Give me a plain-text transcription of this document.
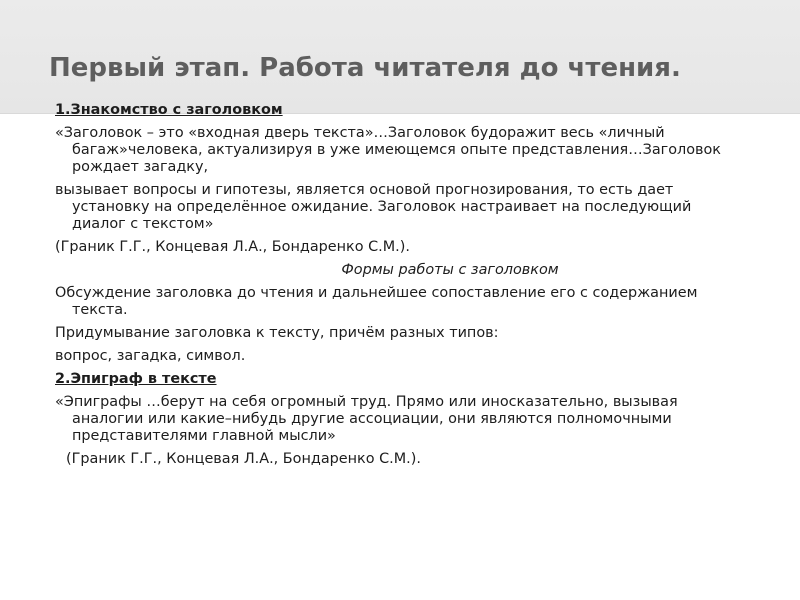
Первый этап. Работа читателя до чтения.

1.Знакомство с заголовком

«Заголовок – это «входная дверь текста»…Заголовок будоражит весь «личный багаж»человека, актуализируя в уже имеющемся опыте представления…Заголовок рождает загадку,

вызывает вопросы и гипотезы, является основой прогнозирования, то есть дает установку на определённое ожидание. Заголовок настраивает на последующий диалог с текстом»

(Граник Г.Г., Концевая Л.А., Бондаренко С.М.).

Формы работы с заголовком

Обсуждение заголовка до чтения и дальнейшее сопоставление его с содержанием текста.

Придумывание заголовка к тексту, причём разных типов:

вопрос, загадка, символ.

2.Эпиграф в тексте

«Эпиграфы …берут на себя огромный труд. Прямо или иносказательно, вызывая аналогии или какие–нибудь другие ассоциации, они являются полномочными представителями главной мысли»

(Граник Г.Г., Концевая Л.А., Бондаренко С.М.).
